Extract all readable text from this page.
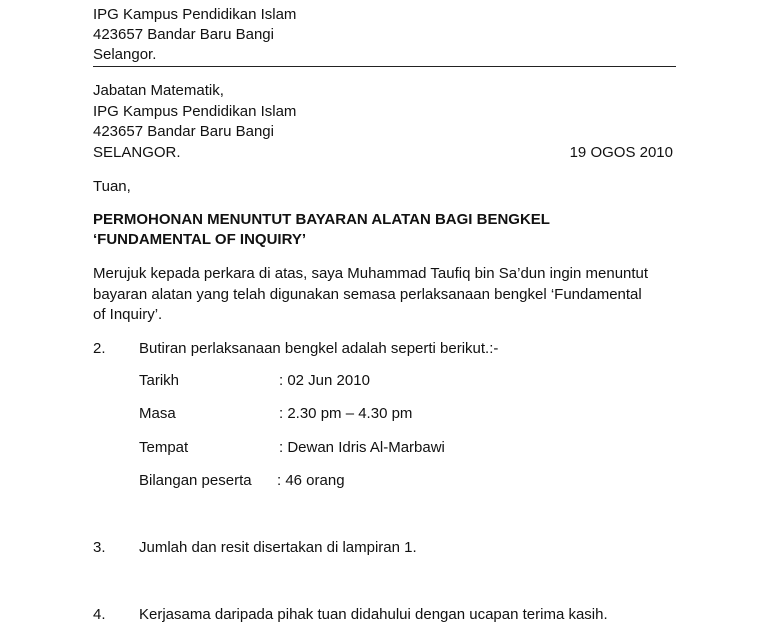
IPG Kampus Pendidikan Islam
423657 Bandar Baru Bangi
Selangor.
Jabatan Matematik,
IPG Kampus Pendidikan Islam
423657 Bandar Baru Bangi
SELANGOR.	19 OGOS 2010
Tuan,
PERMOHONAN MENUNTUT BAYARAN ALATAN BAGI BENGKEL
‘FUNDAMENTAL OF INQUIRY’
Merujuk kepada perkara di atas, saya Muhammad Taufiq bin Sa’dun ingin menuntut
bayaran alatan yang telah digunakan semasa perlaksanaan bengkel ‘Fundamental
of Inquiry’.
2. Butiran perlaksanaan bengkel adalah seperti berikut.:-
Tarikh	: 02 Jun 2010
Masa	: 2.30 pm – 4.30 pm
Tempat	: Dewan Idris Al-Marbawi
Bilangan peserta : 46 orang
3. Jumlah dan resit disertakan di lampiran 1.
4. Kerjasama daripada pihak tuan didahului dengan ucapan terima kasih.
